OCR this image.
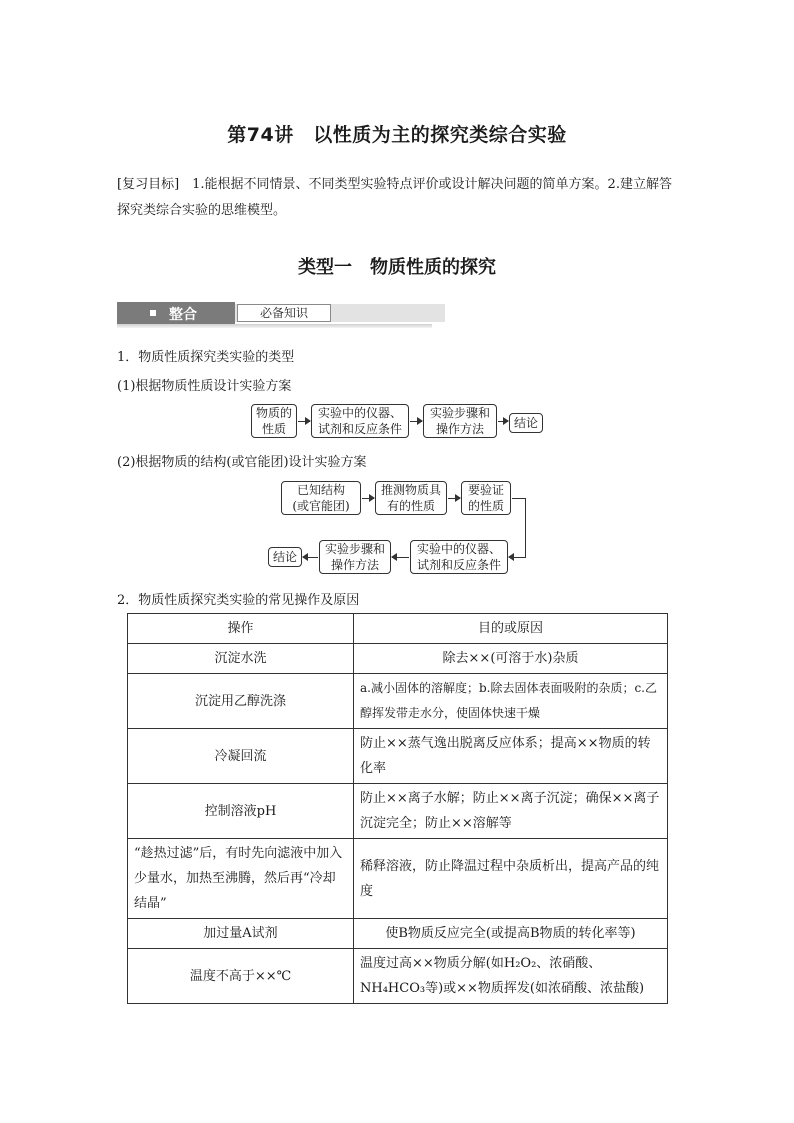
第74讲　以性质为主的探究类综合实验
[复习目标]　1.能根据不同情景、不同类型实验特点评价或设计解决问题的简单方案。2.建立解答探究类综合实验的思维模型。
类型一　物质性质的探究
整合	必备知识
1．物质性质探究类实验的类型
(1)根据物质性质设计实验方案
物质的
性质
实验中的仪器、
试剂和反应条件
实验步骤和
操作方法	结论
(2)根据物质的结构(或官能团)设计实验方案
已知结构
(或官能团)
推测物质具
有的性质
要验证
的性质
实验中的仪器、
试剂和反应条件
实验步骤和
操作方法
结论
2．物质性质探究类实验的常见操作及原因
操作	目的或原因
沉淀水洗	除去××(可溶于水)杂质
沉淀用乙醇洗涤	a.减小固体的溶解度；b.除去固体表面吸附的杂质；c.乙醇挥发带走水分，使固体快速干燥
冷凝回流	防止××蒸气逸出脱离反应体系；提高××物质的转化率
控制溶液pH	防止××离子水解；防止××离子沉淀；确保××离子沉淀完全；防止××溶解等
“趁热过滤”后，有时先向滤液中加入少量水，加热至沸腾，然后再“冷却结晶”	稀释溶液，防止降温过程中杂质析出，提高产品的纯度
加过量A试剂	使B物质反应完全(或提高B物质的转化率等)
温度不高于××℃	温度过高××物质分解(如H₂O₂、浓硝酸、NH₄HCO₃等)或××物质挥发(如浓硝酸、浓盐酸)
